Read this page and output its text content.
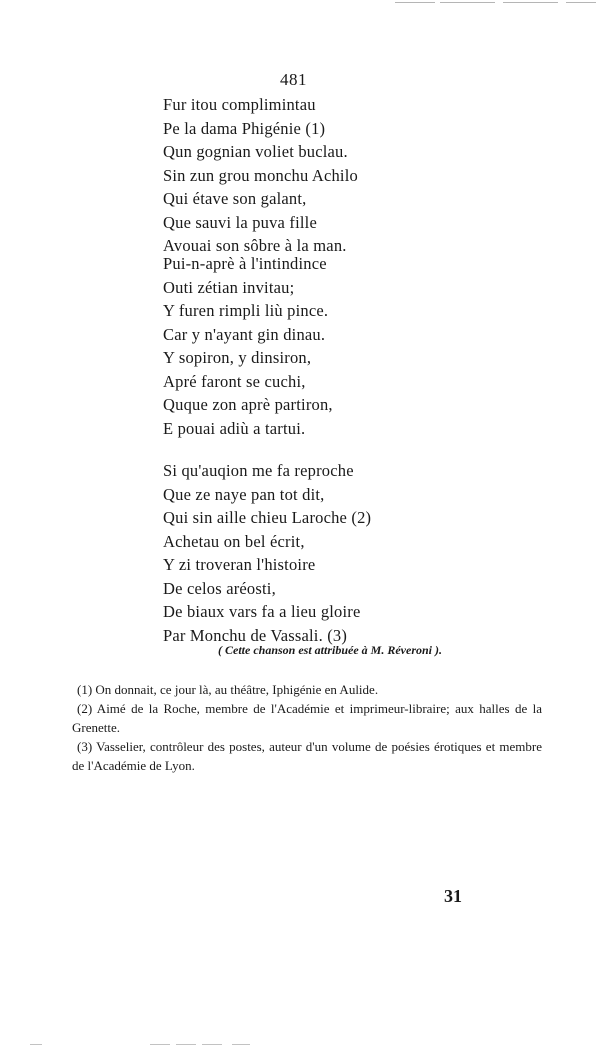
481
Fur itou complimintau
Pe la dama Phigénie (1)
Qun gognian voliet buclau.
Sin zun grou monchu Achilo
Qui étave son galant,
Que sauvi la puva fille
Avouai son sôbre à la man.
Pui-n-aprè à l'intindince
Outi zétian invitau;
Y furen rimpli liù pince.
Car y n'ayant gin dinau.
Y sopiron, y dinsiron,
Apré faront se cuchi,
Quque zon aprè partiron,
E pouai adiù a tartui.
Si qu'auqion me fa reproche
Que ze naye pan tot dit,
Qui sin aille chieu Laroche (2)
Achetau on bel écrit,
Y zi troveran l'histoire
De celos aréosti,
De biaux vars fa a lieu gloire
Par Monchu de Vassali. (3)
( Cette chanson est attribuée à M. Réveroni ).
(1) On donnait, ce jour là, au théâtre, Iphigénie en Aulide.
(2) Aimé de la Roche, membre de l'Académie et imprimeur-libraire; aux halles de la Grenette.
(3) Vasselier, contrôleur des postes, auteur d'un volume de poésies érotiques et membre de l'Académie de Lyon.
31
